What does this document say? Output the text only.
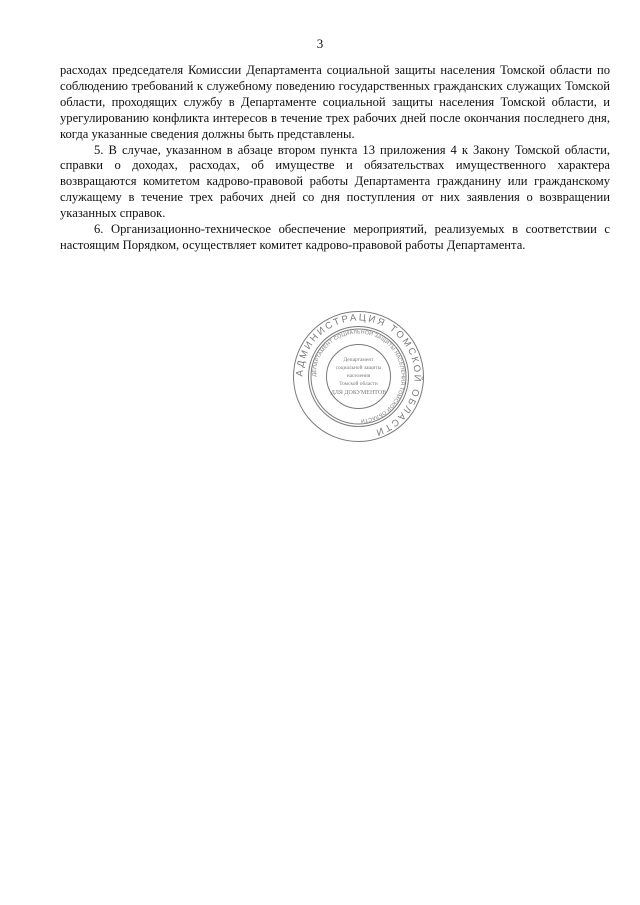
3

расходах председателя Комиссии Департамента социальной защиты населения Томской области по соблюдению требований к служебному поведению государственных гражданских служащих Томской области, проходящих службу в Департаменте социальной защиты населения Томской области, и урегулированию конфликта интересов в течение трех рабочих дней после окончания последнего дня, когда указанные сведения должны быть представлены.

5. В случае, указанном в абзаце втором пункта 13 приложения 4 к Закону Томской области, справки о доходах, расходах, об имуществе и обязательствах имущественного характера возвращаются комитетом кадрово-правовой работы Департамента гражданину или гражданскому служащему в течение трех рабочих дней со дня поступления от них заявления о возвращении указанных справок.

6. Организационно-техническое обеспечение мероприятий, реализуемых в соответствии с настоящим Порядком, осуществляет комитет кадрово-правовой работы Департамента.

АДМИНИСТРАЦИЯ ТОМСКОЙ ОБЛАСТИ
ДЕПАРТАМЕНТ СОЦИАЛЬНОЙ ЗАЩИТЫ НАСЕЛЕНИЯ ТОМСКОЙ ОБЛАСТИ
Департамент
социальной защиты
населения
Томской области
ДЛЯ ДОКУМЕНТОВ
